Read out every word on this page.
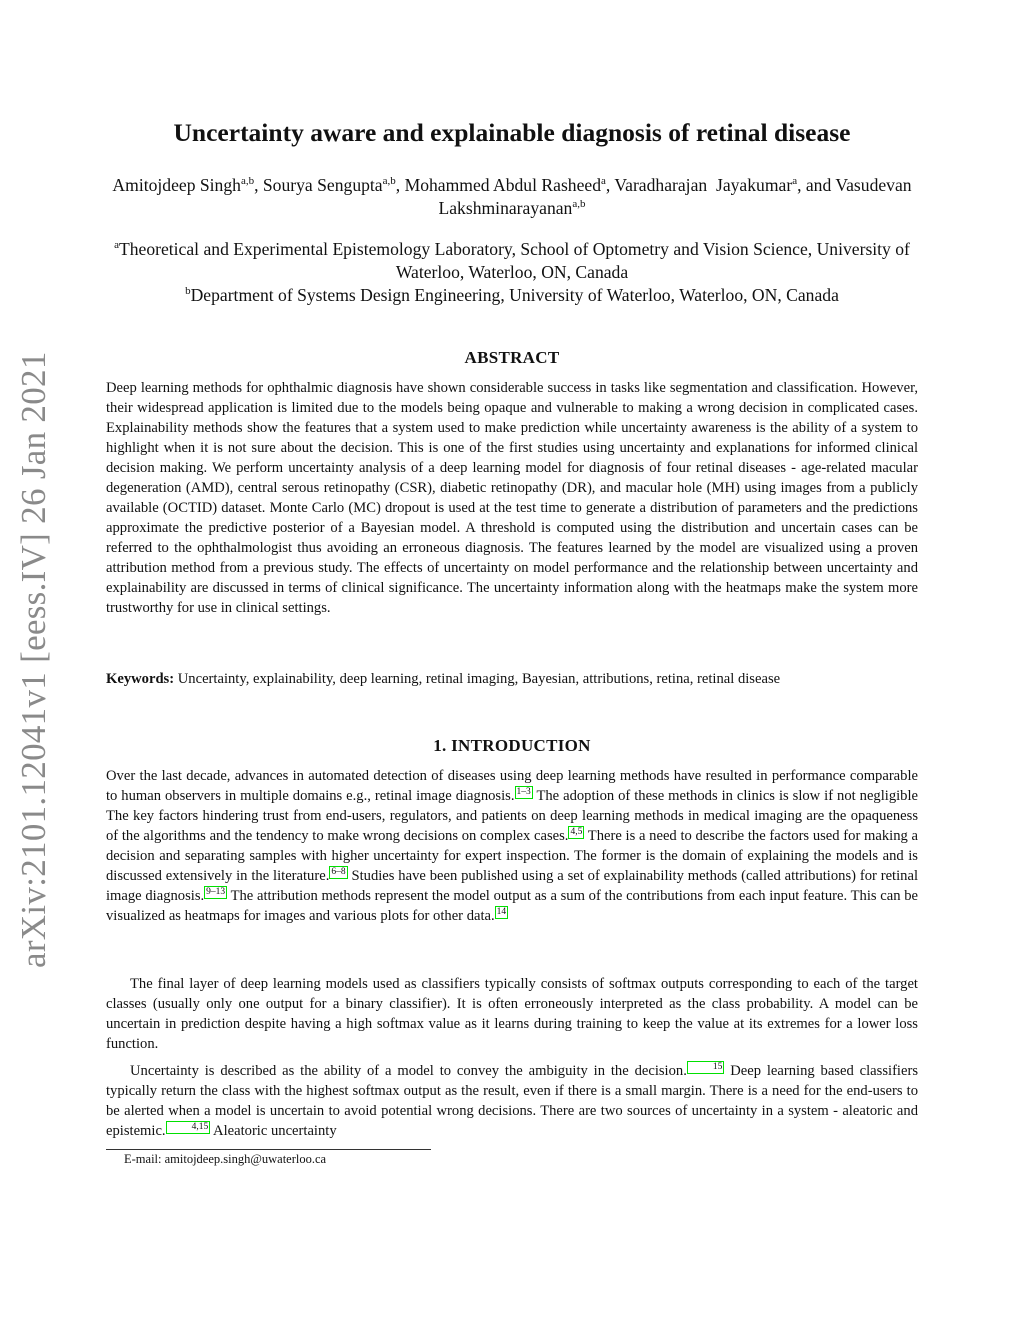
arXiv:2101.12041v1 [eess.IV] 26 Jan 2021
Uncertainty aware and explainable diagnosis of retinal disease
Amitojdeep Singh$^{a,b}$, Sourya Sengupta$^{a,b}$, Mohammed Abdul Rasheed$^a$, Varadharajan  Jayakumar$^a$, and Vasudevan Lakshminarayanan$^{a,b}$
$^a$Theoretical and Experimental Epistemology Laboratory, School of Optometry and Vision Science, University of Waterloo, Waterloo, ON, Canada
$^b$Department of Systems Design Engineering, University of Waterloo, Waterloo, ON, Canada
ABSTRACT

Deep learning methods for ophthalmic diagnosis have shown considerable success in tasks like segmentation and classification. However, their widespread application is limited due to the models being opaque and vulnerable to making a wrong decision in complicated cases. Explainability methods show the features that a system used to make prediction while uncertainty awareness is the ability of a system to highlight when it is not sure about the decision. This is one of the first studies using uncertainty and explanations for informed clinical decision making. We perform uncertainty analysis of a deep learning model for diagnosis of four retinal diseases - age-related macular degeneration (AMD), central serous retinopathy (CSR), diabetic retinopathy (DR), and macular hole (MH) using images from a publicly available (OCTID) dataset. Monte Carlo (MC) dropout is used at the test time to generate a distribution of parameters and the predictions approximate the predictive posterior of a Bayesian model. A threshold is computed using the distribution and uncertain cases can be referred to the ophthalmologist thus avoiding an erroneous diagnosis. The features learned by the model are visualized using a proven attribution method from a previous study. The effects of uncertainty on model performance and the relationship between uncertainty and explainability are discussed in terms of clinical significance. The uncertainty information along with the heatmaps make the system more trustworthy for use in clinical settings.

Keywords: Uncertainty, explainability, deep learning, retinal imaging, Bayesian, attributions, retina, retinal disease

1. INTRODUCTION

Over the last decade, advances in automated detection of diseases using deep learning methods have resulted in performance comparable to human observers in multiple domains e.g., retinal image diagnosis. 1–3 The adoption of these methods in clinics is slow if not negligible The key factors hindering trust from end-users, regulators, and patients on deep learning methods in medical imaging are the opaqueness of the algorithms and the tendency to make wrong decisions on complex cases. 4,5 There is a need to describe the factors used for making a decision and separating samples with higher uncertainty for expert inspection. The former is the domain of explaining the models and is discussed extensively in the literature. 6–8 Studies have been published using a set of explainability methods (called attributions) for retinal image diagnosis. 9–13 The attribution methods represent the model output as a sum of the contributions from each input feature. This can be visualized as heatmaps for images and various plots for other data. 14

The final layer of deep learning models used as classifiers typically consists of softmax outputs corresponding to each of the target classes (usually only one output for a binary classifier). It is often erroneously interpreted as the class probability. A model can be uncertain in prediction despite having a high softmax value as it learns during training to keep the value at its extremes for a lower loss function.

Uncertainty is described as the ability of a model to convey the ambiguity in the decision.	15 Deep learning based classifiers typically return the class with the highest softmax output as the result, even if there is a small margin. There is a need for the end-users to be alerted when a model is uncertain to avoid potential wrong decisions. There are two sources of uncertainty in a system - aleatoric and epistemic.	4,15 Aleatoric uncertainty

E-mail: amitojdeep.singh@uwaterloo.ca
